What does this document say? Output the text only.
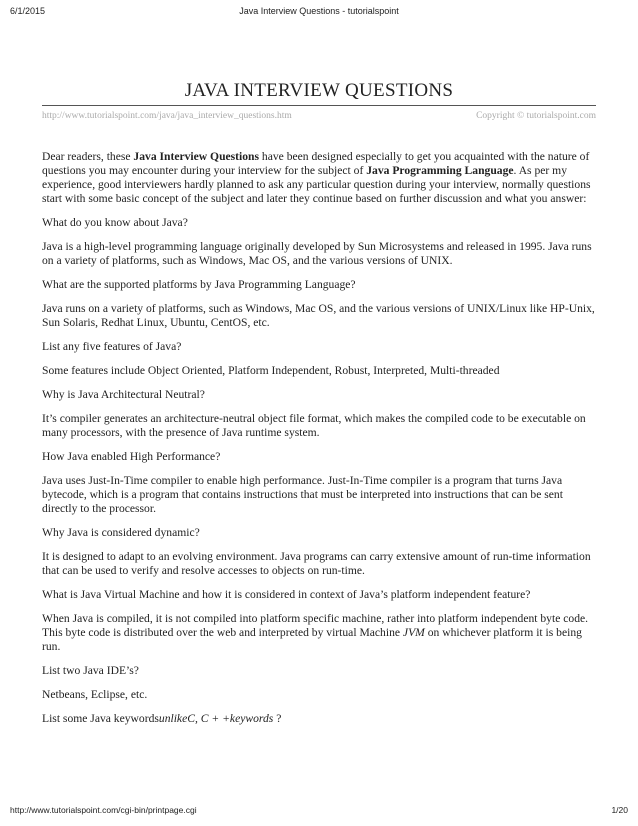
6/1/2015	Java Interview Questions - tutorialspoint
JAVA INTERVIEW QUESTIONS
http://www.tutorialspoint.com/java/java_interview_questions.htm	Copyright © tutorialspoint.com

Dear readers, these Java Interview Questions have been designed especially to get you acquainted with the nature of questions you may encounter during your interview for the subject of Java Programming Language. As per my experience, good interviewers hardly planned to ask any particular question during your interview, normally questions start with some basic concept of the subject and later they continue based on further discussion and what you answer:

What do you know about Java?

Java is a high-level programming language originally developed by Sun Microsystems and released in 1995. Java runs on a variety of platforms, such as Windows, Mac OS, and the various versions of UNIX.

What are the supported platforms by Java Programming Language?

Java runs on a variety of platforms, such as Windows, Mac OS, and the various versions of UNIX/Linux like HP-Unix, Sun Solaris, Redhat Linux, Ubuntu, CentOS, etc.

List any five features of Java?

Some features include Object Oriented, Platform Independent, Robust, Interpreted, Multi-threaded

Why is Java Architectural Neutral?

It’s compiler generates an architecture-neutral object file format, which makes the compiled code to be executable on many processors, with the presence of Java runtime system.

How Java enabled High Performance?

Java uses Just-In-Time compiler to enable high performance. Just-In-Time compiler is a program that turns Java bytecode, which is a program that contains instructions that must be interpreted into instructions that can be sent directly to the processor.

Why Java is considered dynamic?

It is designed to adapt to an evolving environment. Java programs can carry extensive amount of run-time information that can be used to verify and resolve accesses to objects on run-time.

What is Java Virtual Machine and how it is considered in context of Java’s platform independent feature?

When Java is compiled, it is not compiled into platform specific machine, rather into platform independent byte code. This byte code is distributed over the web and interpreted by virtual Machine JVM on whichever platform it is being run.

List two Java IDE’s?

Netbeans, Eclipse, etc.

List some Java keywordsunlikeC, C + +keywords ?

http://www.tutorialspoint.com/cgi-bin/printpage.cgi	1/20
